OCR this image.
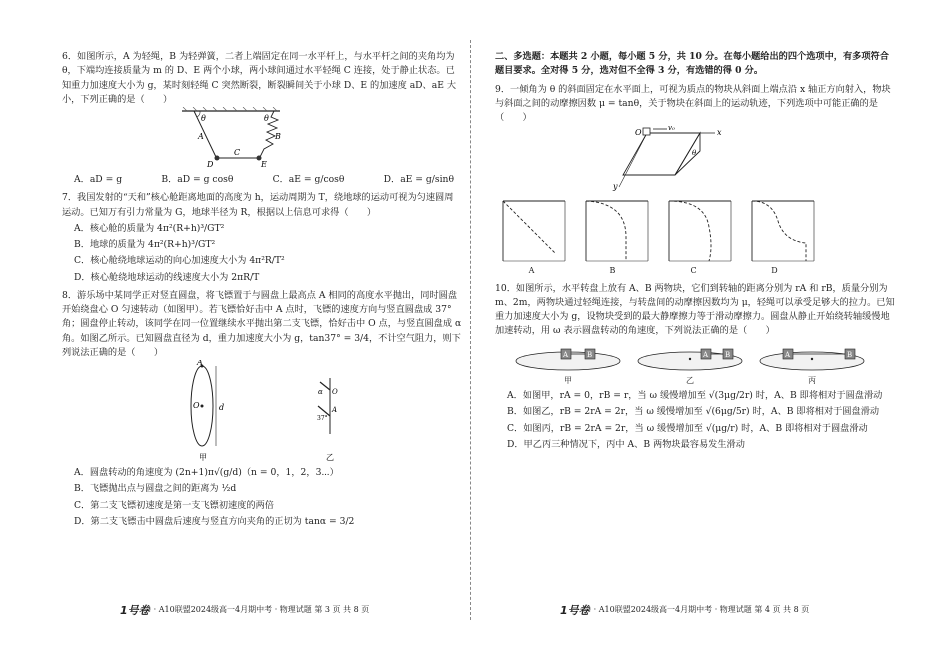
6．如图所示，A 为轻绳，B 为轻弹簧，二者上端固定在同一水平杆上，与水平杆之间的夹角均为θ，下端均连接质量为 m 的 D、E 两个小球，两小球间通过水平轻绳 C 连接，处于静止状态。已知重力加速度大小为 g，某时刻轻绳 C 突然断裂，断裂瞬间关于小球 D、E 的加速度 aD、aE 大小，下列正确的是（　　）

θ	θ
A	B
C
D	E
A．aD = g	B．aD = g cosθ	C．aE = g/cosθ	D．aE = g/sinθ

7．我国发射的“天和”核心舱距离地面的高度为 h，运动周期为 T，绕地球的运动可视为匀速圆周运动。已知万有引力常量为 G，地球半径为 R，根据以上信息可求得（　　）

A．核心舱的质量为 4π²(R+h)³/GT²

B．地球的质量为 4π²(R+h)³/GT²

C．核心舱绕地球运动的向心加速度大小为 4π²R/T²

D．核心舱绕地球运动的线速度大小为 2πR/T

8．游乐场中某同学正对竖直圆盘，将飞镖置于与圆盘上最高点 A 相同的高度水平抛出，同时圆盘开始绕盘心 O 匀速转动（如图甲）。若飞镖恰好击中 A 点时，飞镖的速度方向与竖直圆盘成 37°角；圆盘停止转动，该同学在同一位置继续水平抛出第二支飞镖，恰好击中 O 点，与竖直圆盘成 α 角。如图乙所示。已知圆盘直径为 d，重力加速度大小为 g，tan37° = 3/4，不计空气阻力，则下列说法正确的是（　　）

A
O d
甲
α
37°
O
A
乙

A．圆盘转动的角速度为 (2n+1)π√(g/d)（n = 0，1，2，3⋯）

B．飞镖抛出点与圆盘之间的距离为 ½d

C．第二支飞镖初速度是第一支飞镖初速度的两倍

D．第二支飞镖击中圆盘后速度与竖直方向夹角的正切为 tanα = 3/2

二、多选题：本题共 2 小题，每小题 5 分，共 10 分。在每小题给出的四个选项中，有多项符合题目要求。全对得 5 分，选对但不全得 3 分，有选错的得 0 分。

9．一倾角为 θ 的斜面固定在水平面上，可视为质点的物块从斜面上端点沿 x 轴正方向射入，物块与斜面之间的动摩擦因数 μ = tanθ，关于物块在斜面上的运动轨迹，下列选项中可能正确的是（　　）

O	v₀	x
y
θ
A	B	C	D

10．如图所示，水平转盘上放有 A、B 两物块，它们到转轴的距离分别为 rA 和 rB，质量分别为 m、2m，两物块通过轻绳连接，与转盘间的动摩擦因数均为 μ，轻绳可以承受足够大的拉力。已知重力加速度大小为 g，设物块受到的最大静摩擦力等于滑动摩擦力。圆盘从静止开始绕转轴缓慢地加速转动，用 ω 表示圆盘转动的角速度，下列说法正确的是（　　）

A	B	A B	A	B
甲	乙	丙

A．如图甲，rA = 0，rB = r，当 ω 缓慢增加至 √(3μg/2r) 时，A、B 即将相对于圆盘滑动

B．如图乙，rB = 2rA = 2r，当 ω 缓慢增加至 √(6μg/5r) 时，A、B 即将相对于圆盘滑动

C．如图丙，rB = 2rA = 2r，当 ω 缓慢增加至 √(μg/r) 时，A、B 即将相对于圆盘滑动

D．甲乙丙三种情况下，丙中 A、B 两物块最容易发生滑动

1号卷 · A10联盟2024级高一4月期中考 · 物理试题 第 3 页 共 8 页	1号卷 · A10联盟2024级高一4月期中考 · 物理试题 第 4 页 共 8 页
